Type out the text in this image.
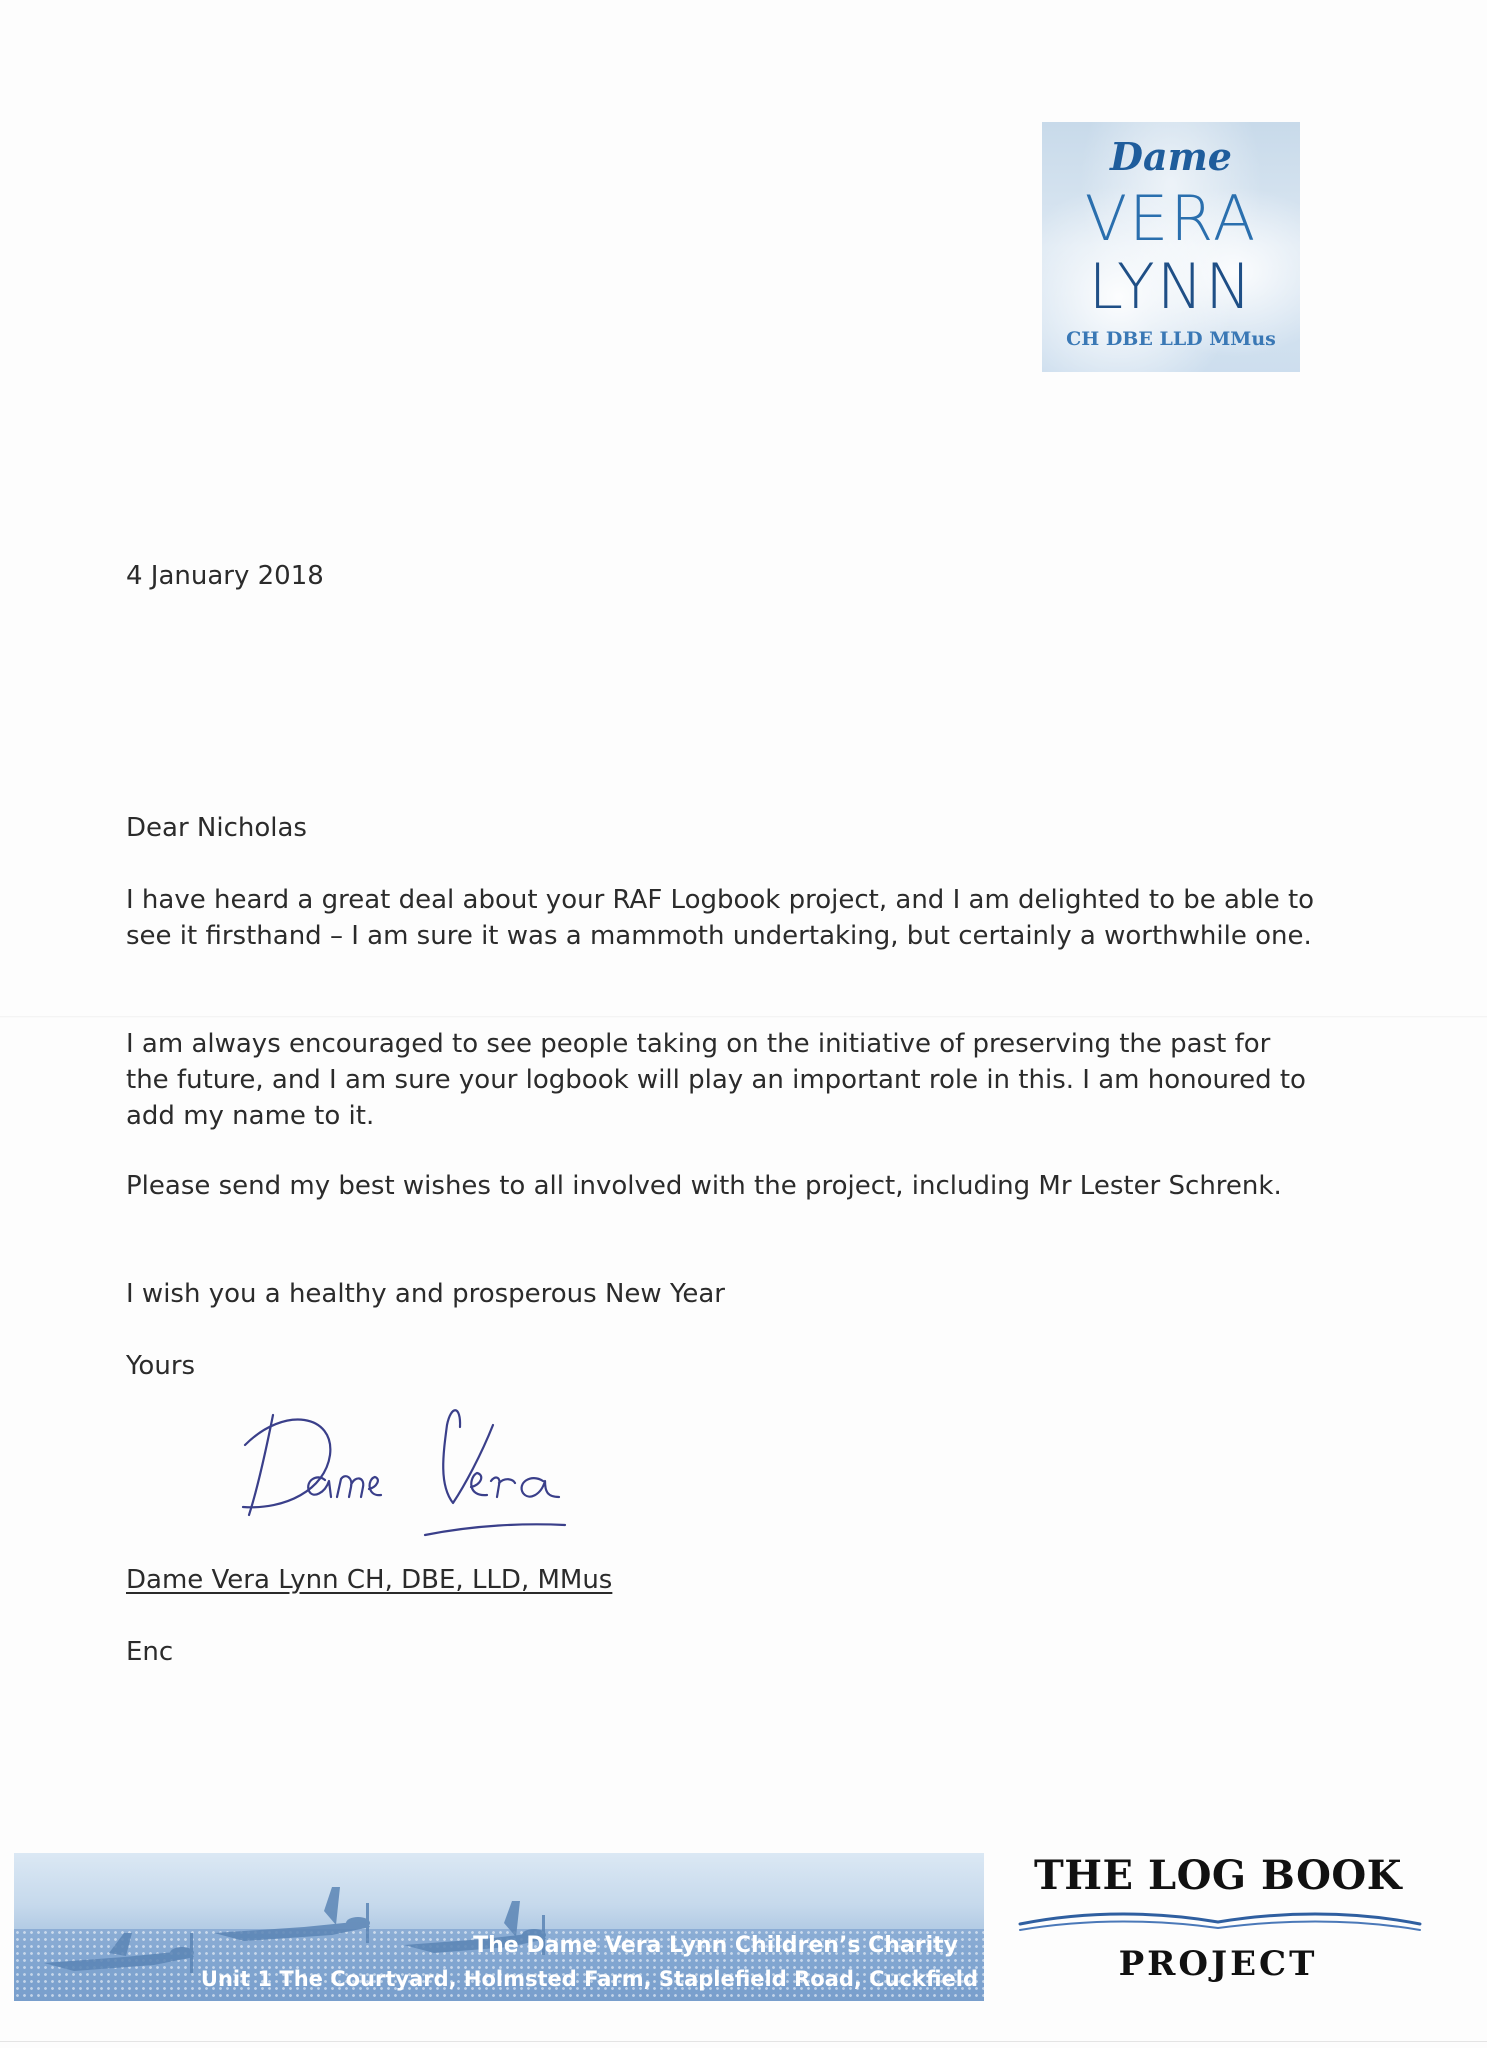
Dame
VERA
LYNN
CH DBE LLD MMus
4 January 2018
Dear Nicholas
I have heard a great deal about your RAF Logbook project, and I am delighted to be able to see it firsthand – I am sure it was a mammoth undertaking, but certainly a worthwhile one.
I am always encouraged to see people taking on the initiative of preserving the past for the future, and I am sure your logbook will play an important role in this. I am honoured to add my name to it.
Please send my best wishes to all involved with the project, including Mr Lester Schrenk.
I wish you a healthy and prosperous New Year
Yours
Dame Vera Lynn CH, DBE, LLD, MMus
Enc
The Dame Vera Lynn Children’s Charity
Unit 1 The Courtyard, Holmsted Farm, Staplefield Road, Cuckfield
THE LOG BOOK
PROJECT
